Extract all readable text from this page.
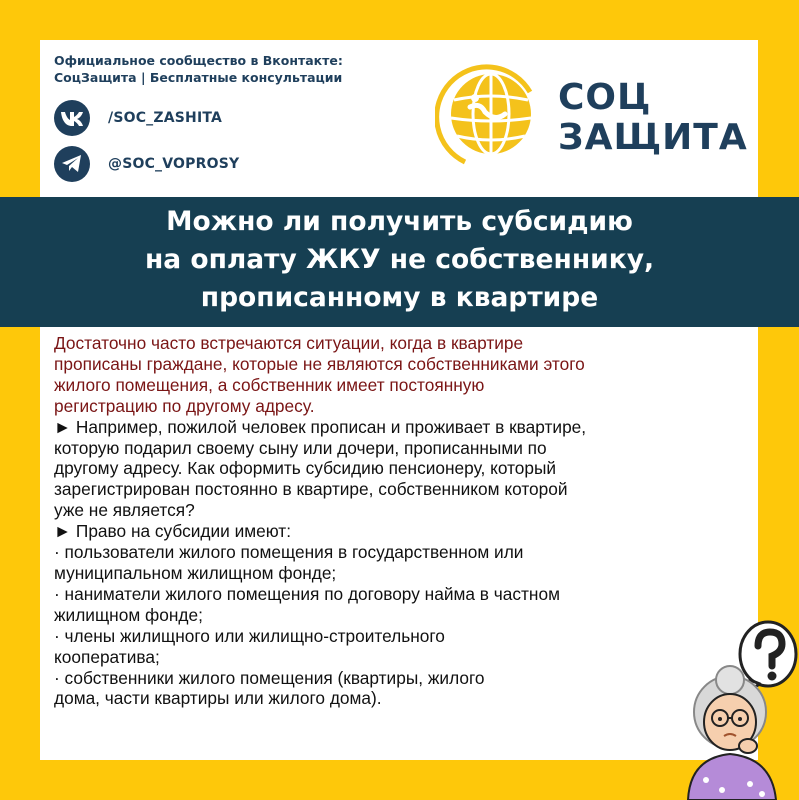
Официальное сообщество в Вконтакте:
СоцЗащита | Бесплатные консультации
/SOC_ZASHITA
@SOC_VOPROSY
СОЦ
ЗАЩИТА
Можно ли получить субсидию
на оплату ЖКУ не собственнику,
прописанному в квартире
Достаточно часто встречаются ситуации, когда в квартире
прописаны граждане, которые не являются собственниками этого
жилого помещения, а собственник имеет постоянную
регистрацию по другому адресу.
► Например, пожилой человек прописан и проживает в квартире,
которую подарил своему сыну или дочери, прописанными по
другому адресу. Как оформить субсидию пенсионеру, который
зарегистрирован постоянно в квартире, собственником которой
уже не является?
► Право на субсидии имеют:
· пользователи жилого помещения в государственном или
муниципальном жилищном фонде;
· наниматели жилого помещения по договору найма в частном
жилищном фонде;
· члены жилищного или жилищно-строительного
кооператива;
· собственники жилого помещения (квартиры, жилого
дома, части квартиры или жилого дома).
